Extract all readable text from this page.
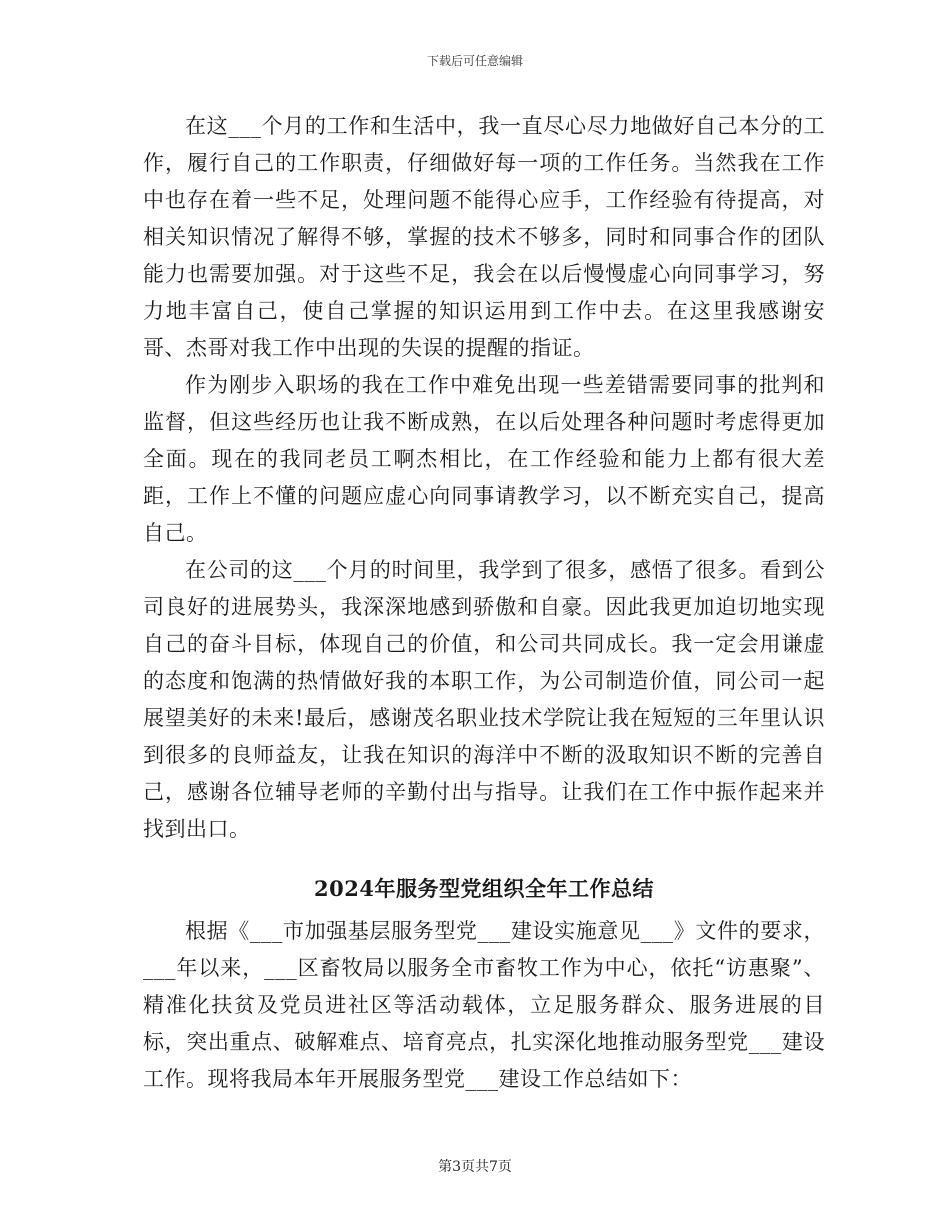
下载后可任意编辑

在这___个月的工作和生活中，我一直尽心尽力地做好自己本分的工作，履行自己的工作职责，仔细做好每一项的工作任务。当然我在工作中也存在着一些不足，处理问题不能得心应手，工作经验有待提高，对相关知识情况了解得不够，掌握的技术不够多，同时和同事合作的团队能力也需要加强。对于这些不足，我会在以后慢慢虚心向同事学习，努力地丰富自己，使自己掌握的知识运用到工作中去。在这里我感谢安哥、杰哥对我工作中出现的失误的提醒的指证。

作为刚步入职场的我在工作中难免出现一些差错需要同事的批判和监督，但这些经历也让我不断成熟，在以后处理各种问题时考虑得更加全面。现在的我同老员工啊杰相比，在工作经验和能力上都有很大差距，工作上不懂的问题应虚心向同事请教学习，以不断充实自己，提高自己。

在公司的这___个月的时间里，我学到了很多，感悟了很多。看到公司良好的进展势头，我深深地感到骄傲和自豪。因此我更加迫切地实现自己的奋斗目标，体现自己的价值，和公司共同成长。我一定会用谦虚的态度和饱满的热情做好我的本职工作，为公司制造价值，同公司一起展望美好的未来!最后，感谢茂名职业技术学院让我在短短的三年里认识到很多的良师益友，让我在知识的海洋中不断的汲取知识不断的完善自己，感谢各位辅导老师的辛勤付出与指导。让我们在工作中振作起来并找到出口。

2024年服务型党组织全年工作总结

根据《___市加强基层服务型党___建设实施意见___》文件的要求，___年以来，___区畜牧局以服务全市畜牧工作为中心，依托“访惠聚”、精准化扶贫及党员进社区等活动载体，立足服务群众、服务进展的目标，突出重点、破解难点、培育亮点，扎实深化地推动服务型党___建设工作。现将我局本年开展服务型党___建设工作总结如下：

第3页共7页
